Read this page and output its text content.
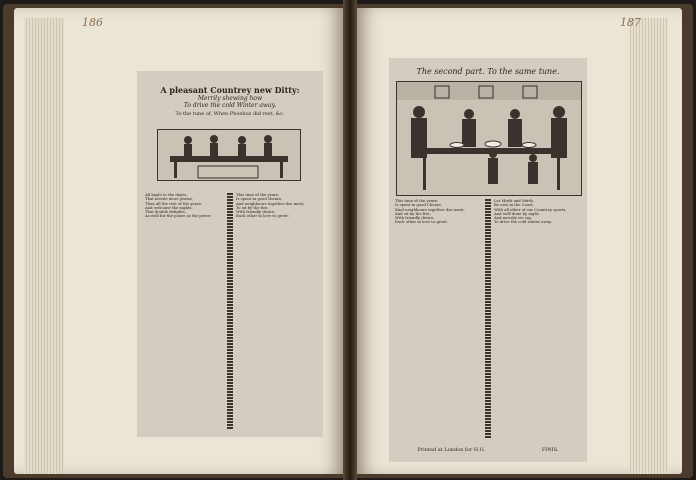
186
A pleasant Countrey new Ditty:
Merrily shewing how
To drive the cold Winter away.
To the tune of, When Phoebus did rest, &c.
All hayle to the dayes,
That merite more praise,
Then all the rest of the yeare:
And welcome the nights,
That double delights,
As well for the poore as the peere:
This time of the yeare,
Is spent in good cheare,
And neighbours together doe meet,
To sit by the fire,
With friendly desire,
Each other in love to greet:
187
The second part. To the same tune.
This time of the yeare,
Is spent in good Cheare,
Kind neighbours together doe meet,
And sit by the fire,
With friendly desire,
Each other in love to greet.
Let Mirth and Mirth,
Be now in the Court,
With all other of our Countrey sports,
And well done by night,
And merrily we say,
To drive the cold winter away.
Printed at London for H.G.	FINIS.
